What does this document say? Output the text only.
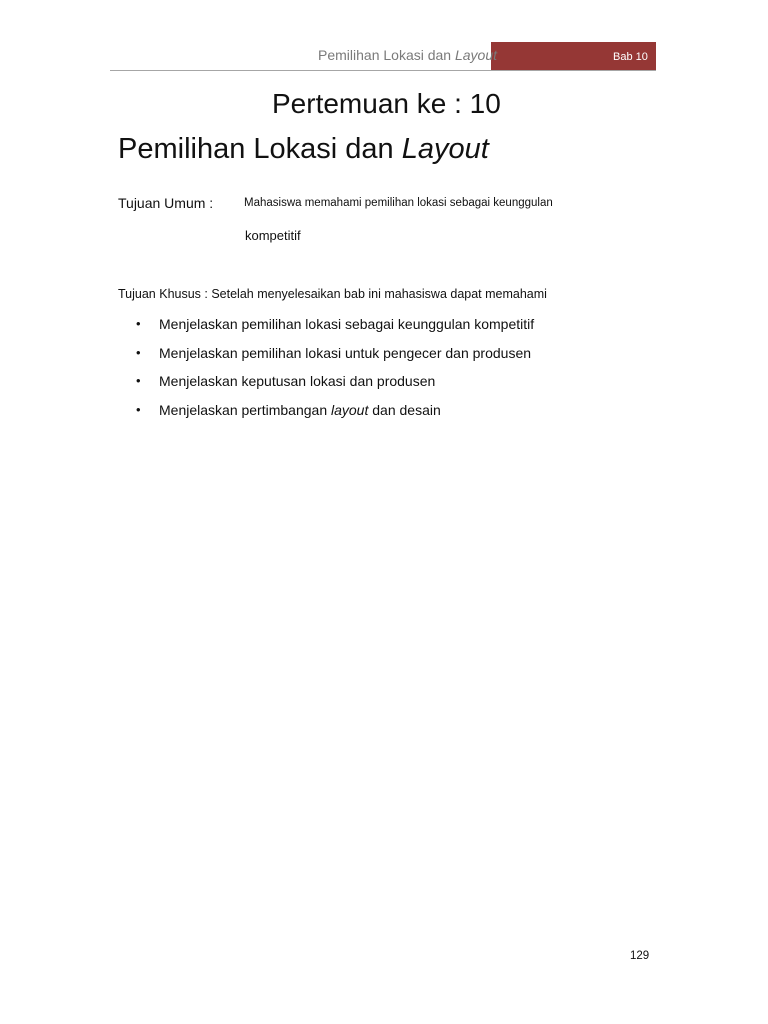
Pemilihan Lokasi dan Layout	Bab 10
Pertemuan ke : 10
Pemilihan Lokasi dan Layout
Tujuan Umum :	Mahasiswa memahami pemilihan lokasi sebagai keunggulan
kompetitif
Tujuan Khusus : Setelah menyelesaikan bab ini mahasiswa dapat memahami
•	Menjelaskan pemilihan lokasi sebagai keunggulan kompetitif
•	Menjelaskan pemilihan lokasi untuk pengecer dan produsen
•	Menjelaskan keputusan lokasi dan produsen
•	Menjelaskan pertimbangan layout dan desain
129
